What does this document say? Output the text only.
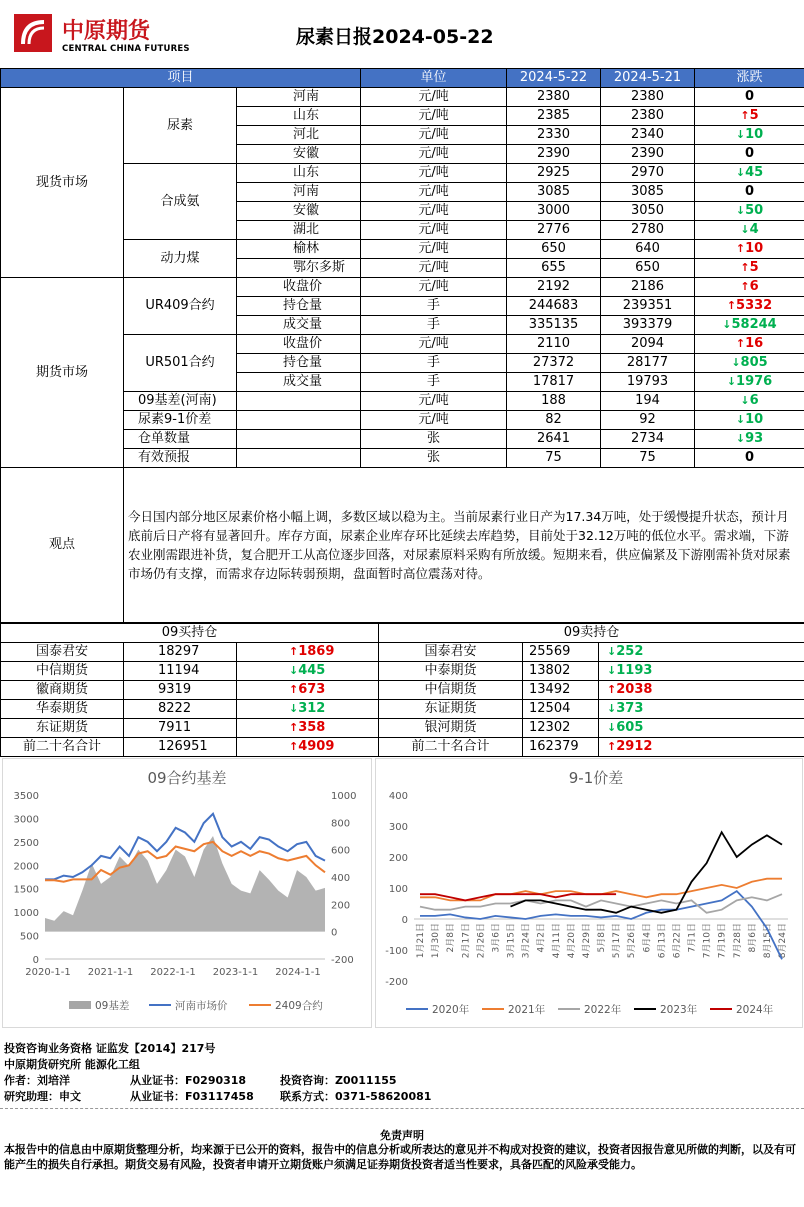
中原期货
CENTRAL CHINA FUTURES
尿素日报2024-05-22
项目			单位	2024-5-22	2024-5-21	涨跌
现货市场	尿素	河南	元/吨	2380	2380	0
		山东	元/吨	2385	2380	↑5
		河北	元/吨	2330	2340	↓10
		安徽	元/吨	2390	2390	0
	合成氨	山东	元/吨	2925	2970	↓45
		河南	元/吨	3085	3085	0
		安徽	元/吨	3000	3050	↓50
		湖北	元/吨	2776	2780	↓4
	动力煤	榆林	元/吨	650	640	↑10
		鄂尔多斯	元/吨	655	650	↑5
期货市场	UR409合约	收盘价	元/吨	2192	2186	↑6
		持仓量	手	244683	239351	↑5332
		成交量	手	335135	393379	↓58244
	UR501合约	收盘价	元/吨	2110	2094	↑16
		持仓量	手	27372	28177	↓805
		成交量	手	17817	19793	↓1976
	09基差(河南)		元/吨	188	194	↓6
	尿素9-1价差		元/吨	82	92	↓10
	仓单数量		张	2641	2734	↓93
	有效预报		张	75	75	0
观点	今日国内部分地区尿素价格小幅上调，多数区域以稳为主。当前尿素行业日产为17.34万吨，处于缓慢提升状态，预计月底前后日产将有显著回升。库存方面，尿素企业库存环比延续去库趋势，目前处于32.12万吨的低位水平。需求端，下游农业刚需跟进补货，复合肥开工从高位逐步回落，对尿素原料采购有所放缓。短期来看，供应偏紧及下游刚需补货对尿素市场仍有支撑，而需求存边际转弱预期，盘面暂时高位震荡对待。					
09买持仓			09卖持仓		
国泰君安	18297	↑1869	国泰君安	25569	↓252
中信期货	11194	↓445	中泰期货	13802	↓1193
徽商期货	9319	↑673	中信期货	13492	↑2038
华泰期货	8222	↓312	东证期货	12504	↓373
东证期货	7911	↑358	银河期货	12302	↓605
前二十名合计	126951	↑4909	前二十名合计	162379	↑2912
09合约基差
3500
3000
2500
2000
1500
1000
500
0
1000
800
600
400
200
0
-200
2020-1-1 2021-1-1 2022-1-1 2023-1-1 2024-1-1
09基差	河南市场价	2409合约
9-1价差
400
300
200
100
0
-100
-200
1月21日 1月30日 2月8日 2月17日 2月26日 3月6日 3月15日 3月24日 4月2日 4月11日 4月20日 4月29日 5月8日 5月17日 5月26日 6月4日 6月13日 6月22日 7月1日 7月10日 7月19日 7月28日 8月6日 8月15日 8月24日
2020年	2021年	2022年	2023年	2024年
投资咨询业务资格 证监发【2014】217号
中原期货研究所 能源化工组
作者：刘培洋	从业证书：F0290318	投资咨询：Z0011155
研究助理：申文	从业证书：F03117458 联系方式：0371-58620081
免责声明
本报告中的信息由中原期货整理分析，均来源于已公开的资料，报告中的信息分析或所表达的意见并不构成对投资的建议，投资者因报告意见所做的判断，以及有可能产生的损失自行承担。期货交易有风险，投资者申请开立期货账户须满足证券期货投资者适当性要求，具备匹配的风险承受能力。
